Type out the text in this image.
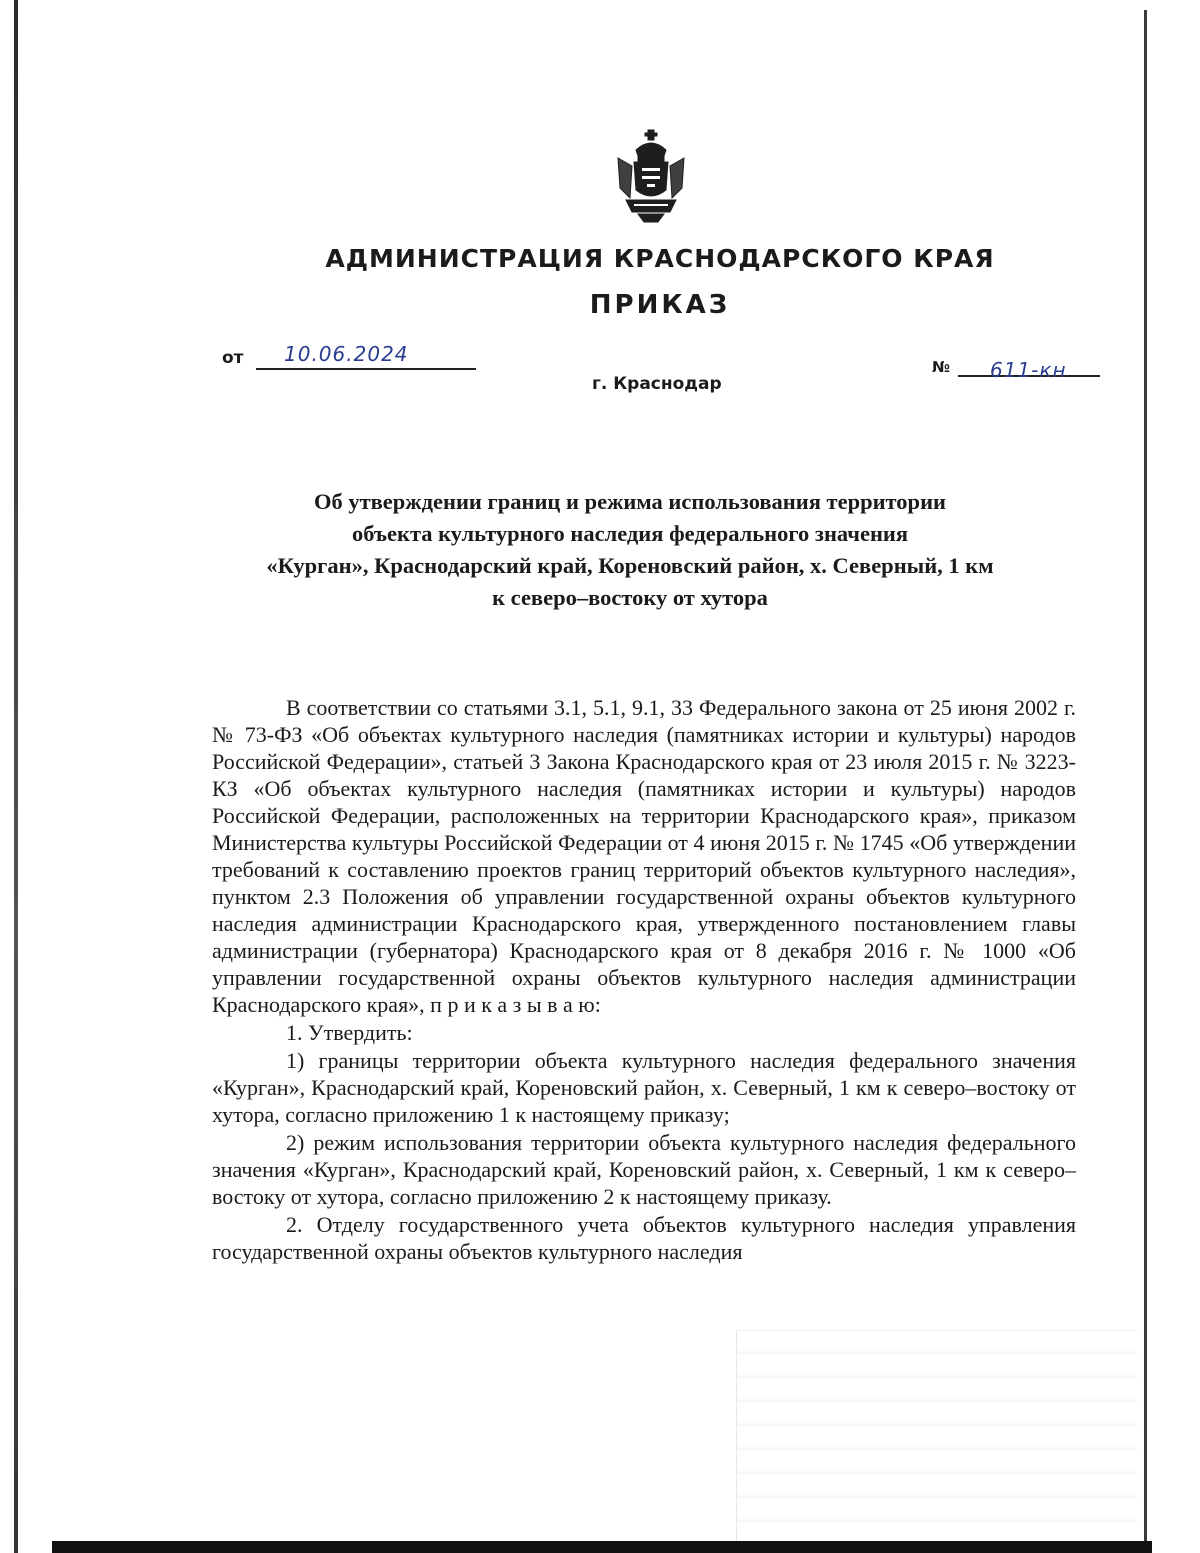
АДМИНИСТРАЦИЯ КРАСНОДАРСКОГО КРАЯ
ПРИКАЗ
от 10.06.2024
г. Краснодар
№ 611-кн
Об утверждении границ и режима использования территории
объекта культурного наследия федерального значения
«Курган», Краснодарский край, Кореновский район, х. Северный, 1 км
к северо–востоку от хутора

В соответствии со статьями 3.1, 5.1, 9.1, 33 Федерального закона от 25 июня 2002 г. № 73-ФЗ «Об объектах культурного наследия (памятниках истории и культуры) народов Российской Федерации», статьей 3 Закона Краснодарского края от 23 июля 2015 г. № 3223-КЗ «Об объектах культурного наследия (памятниках истории и культуры) народов Российской Федерации, расположенных на территории Краснодарского края», приказом Министерства культуры Российской Федерации от 4 июня 2015 г. № 1745 «Об утверждении требований к составлению проектов границ территорий объектов культурного наследия», пунктом 2.3 Положения об управлении государственной охраны объектов культурного наследия администрации Краснодарского края, утвержденного постановлением главы администрации (губернатора) Краснодарского края от 8 декабря 2016 г. № 1000 «Об управлении государственной охраны объектов культурного наследия администрации Краснодарского края», п р и к а з ы в а ю:

1. Утвердить:

1) границы территории объекта культурного наследия федерального значения «Курган», Краснодарский край, Кореновский район, х. Северный, 1 км к северо–востоку от хутора, согласно приложению 1 к настоящему приказу;

2) режим использования территории объекта культурного наследия федерального значения «Курган», Краснодарский край, Кореновский район, х. Северный, 1 км к северо–востоку от хутора, согласно приложению 2 к настоящему приказу.

2. Отделу государственного учета объектов культурного наследия управления государственной охраны объектов культурного наследия
